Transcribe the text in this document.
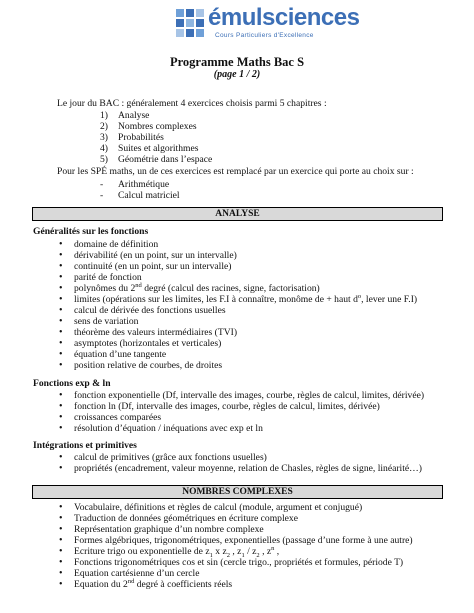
émulsciences
Cours Particuliers d'Excellence
Programme Maths Bac S
(page 1 / 2)
Le jour du BAC : généralement 4 exercices choisis parmi 5 chapitres :
1) Analyse
2) Nombres complexes
3) Probabilités
4) Suites et algorithmes
5) Géométrie dans l’espace
Pour les SPÉ maths, un de ces exercices est remplacé par un exercice qui porte au choix sur :
- Arithmétique
- Calcul matriciel
ANALYSE
Généralités sur les fonctions
• domaine de définition
• dérivabilité (en un point, sur un intervalle)
• continuité (en un point, sur un intervalle)
• parité de fonction
• polynômes du 2nd degré (calcul des racines, signe, factorisation)
• limites (opérations sur les limites, les F.I à connaître, monôme de + haut $d^o$, lever une F.I)
• calcul de dérivée des fonctions usuelles
• sens de variation
• théorème des valeurs intermédiaires (TVI)
• asymptotes (horizontales et verticales)
• équation d’une tangente
• position relative de courbes, de droites
Fonctions exp & ln
• fonction exponentielle (Df, intervalle des images, courbe, règles de calcul, limites, dérivée)
• fonction ln (Df, intervalle des images, courbe, règles de calcul, limites, dérivée)
• croissances comparées
• résolution d’équation / inéquations avec exp et ln
Intégrations et primitives
• calcul de primitives (grâce aux fonctions usuelles)
• propriétés (encadrement, valeur moyenne, relation de Chasles, règles de signe, linéarité…)
NOMBRES COMPLEXES
• Vocabulaire, définitions et règles de calcul (module, argument et conjugué)
• Traduction de données géométriques en écriture complexe
• Représentation graphique d’un nombre complexe
• Formes algébriques, trigonométriques, exponentielles (passage d’une forme à une autre)
• Ecriture trigo ou exponentielle de $z_1$ x $z_2$ , $z_1 / z_2$ , $z^n$ ,
• Fonctions trigonométriques cos et sin (cercle trigo., propriétés et formules, période T)
• Equation cartésienne d’un cercle
• Equation du 2nd degré à coefficients réels
